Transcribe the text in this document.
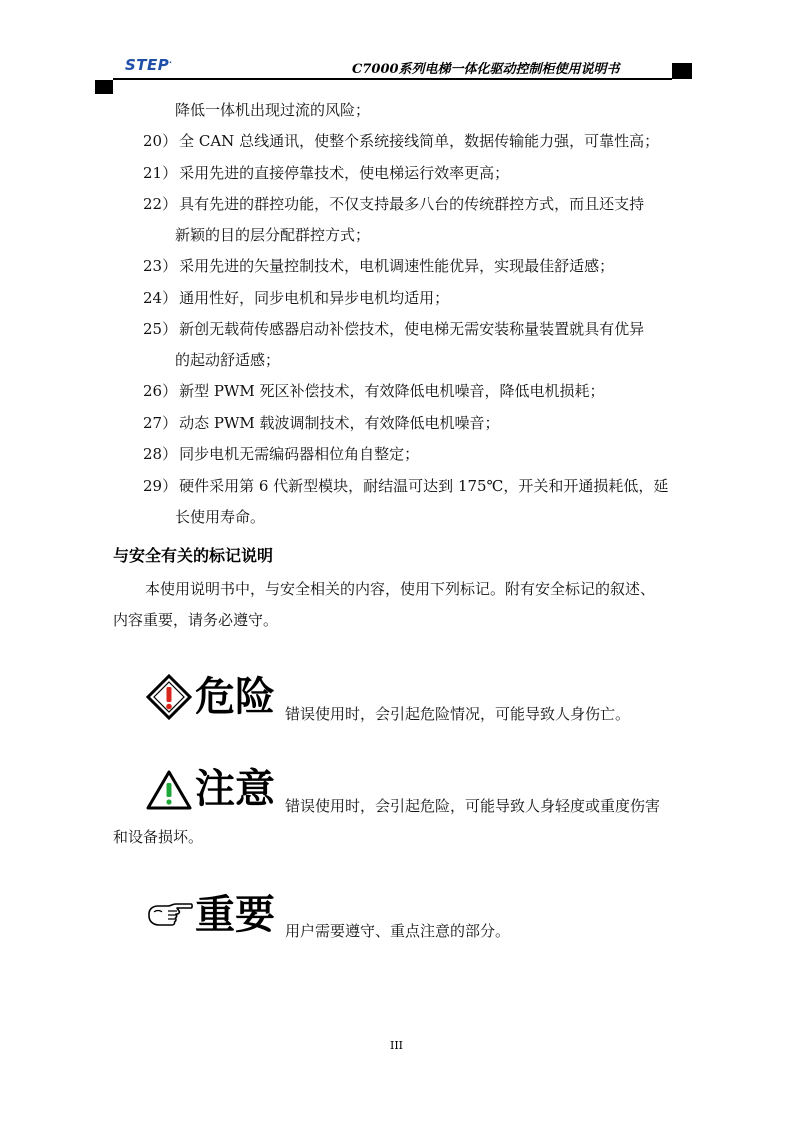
STEP.
C7000系列电梯一体化驱动控制柜使用说明书
降低一体机出现过流的风险；
20） 全 CAN 总线通讯，使整个系统接线简单，数据传输能力强，可靠性高；
21） 采用先进的直接停靠技术，使电梯运行效率更高；
22） 具有先进的群控功能，不仅支持最多八台的传统群控方式，而且还支持
新颖的目的层分配群控方式；
23） 采用先进的矢量控制技术，电机调速性能优异，实现最佳舒适感；
24） 通用性好，同步电机和异步电机均适用；
25） 新创无载荷传感器启动补偿技术，使电梯无需安装称量装置就具有优异
的起动舒适感；
26） 新型 PWM 死区补偿技术，有效降低电机噪音，降低电机损耗；
27） 动态 PWM 载波调制技术，有效降低电机噪音；
28） 同步电机无需编码器相位角自整定；
29） 硬件采用第 6 代新型模块，耐结温可达到 175℃，开关和开通损耗低，延
长使用寿命。
与安全有关的标记说明
本使用说明书中，与安全相关的内容，使用下列标记。附有安全标记的叙述、
内容重要，请务必遵守。
危险 错误使用时，会引起危险情况，可能导致人身伤亡。
注意 错误使用时，会引起危险，可能导致人身轻度或重度伤害
和设备损坏。
重要 用户需要遵守、重点注意的部分。
III
